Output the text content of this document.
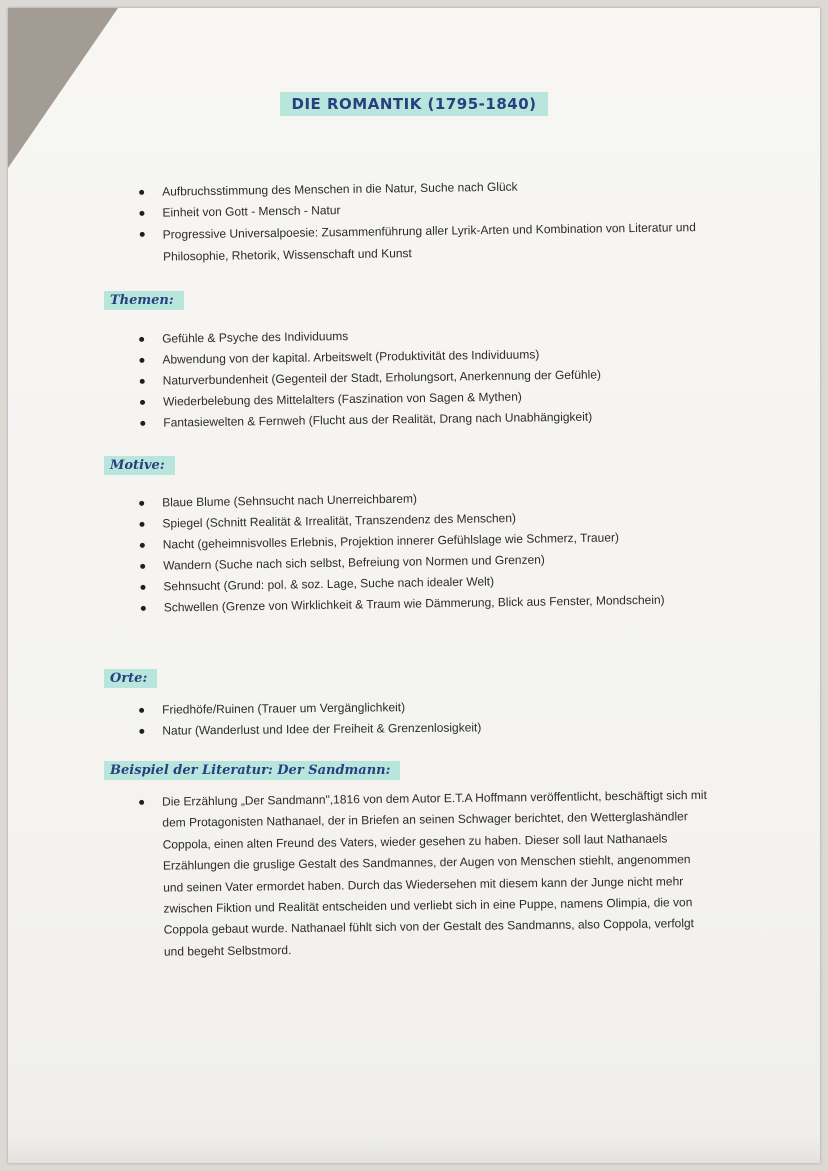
DIE ROMANTIK (1795-1840)
Aufbruchsstimmung des Menschen in die Natur, Suche nach Glück
Einheit von Gott - Mensch - Natur
Progressive Universalpoesie: Zusammenführung aller Lyrik-Arten und Kombination von Literatur und Philosophie, Rhetorik, Wissenschaft und Kunst
Themen:
Gefühle & Psyche des Individuums
Abwendung von der kapital. Arbeitswelt (Produktivität des Individuums)
Naturverbundenheit (Gegenteil der Stadt, Erholungsort, Anerkennung der Gefühle)
Wiederbelebung des Mittelalters (Faszination von Sagen & Mythen)
Fantasiewelten & Fernweh (Flucht aus der Realität, Drang nach Unabhängigkeit)
Motive:
Blaue Blume (Sehnsucht nach Unerreichbarem)
Spiegel (Schnitt Realität & Irrealität, Transzendenz des Menschen)
Nacht (geheimnisvolles Erlebnis, Projektion innerer Gefühlslage wie Schmerz, Trauer)
Wandern (Suche nach sich selbst, Befreiung von Normen und Grenzen)
Sehnsucht (Grund: pol. & soz. Lage, Suche nach idealer Welt)
Schwellen (Grenze von Wirklichkeit & Traum wie Dämmerung, Blick aus Fenster, Mondschein)
Orte:
Friedhöfe/Ruinen (Trauer um Vergänglichkeit)
Natur (Wanderlust und Idee der Freiheit & Grenzenlosigkeit)
Beispiel der Literatur: Der Sandmann:
Die Erzählung „Der Sandmann",1816 von dem Autor E.T.A Hoffmann veröffentlicht, beschäftigt sich mit dem Protagonisten Nathanael, der in Briefen an seinen Schwager berichtet, den Wetterglashändler Coppola, einen alten Freund des Vaters, wieder gesehen zu haben. Dieser soll laut Nathanaels Erzählungen die gruslige Gestalt des Sandmannes, der Augen von Menschen stiehlt, angenommen und seinen Vater ermordet haben. Durch das Wiedersehen mit diesem kann der Junge nicht mehr zwischen Fiktion und Realität entscheiden und verliebt sich in eine Puppe, namens Olimpia, die von Coppola gebaut wurde. Nathanael fühlt sich von der Gestalt des Sandmanns, also Coppola, verfolgt und begeht Selbstmord.
